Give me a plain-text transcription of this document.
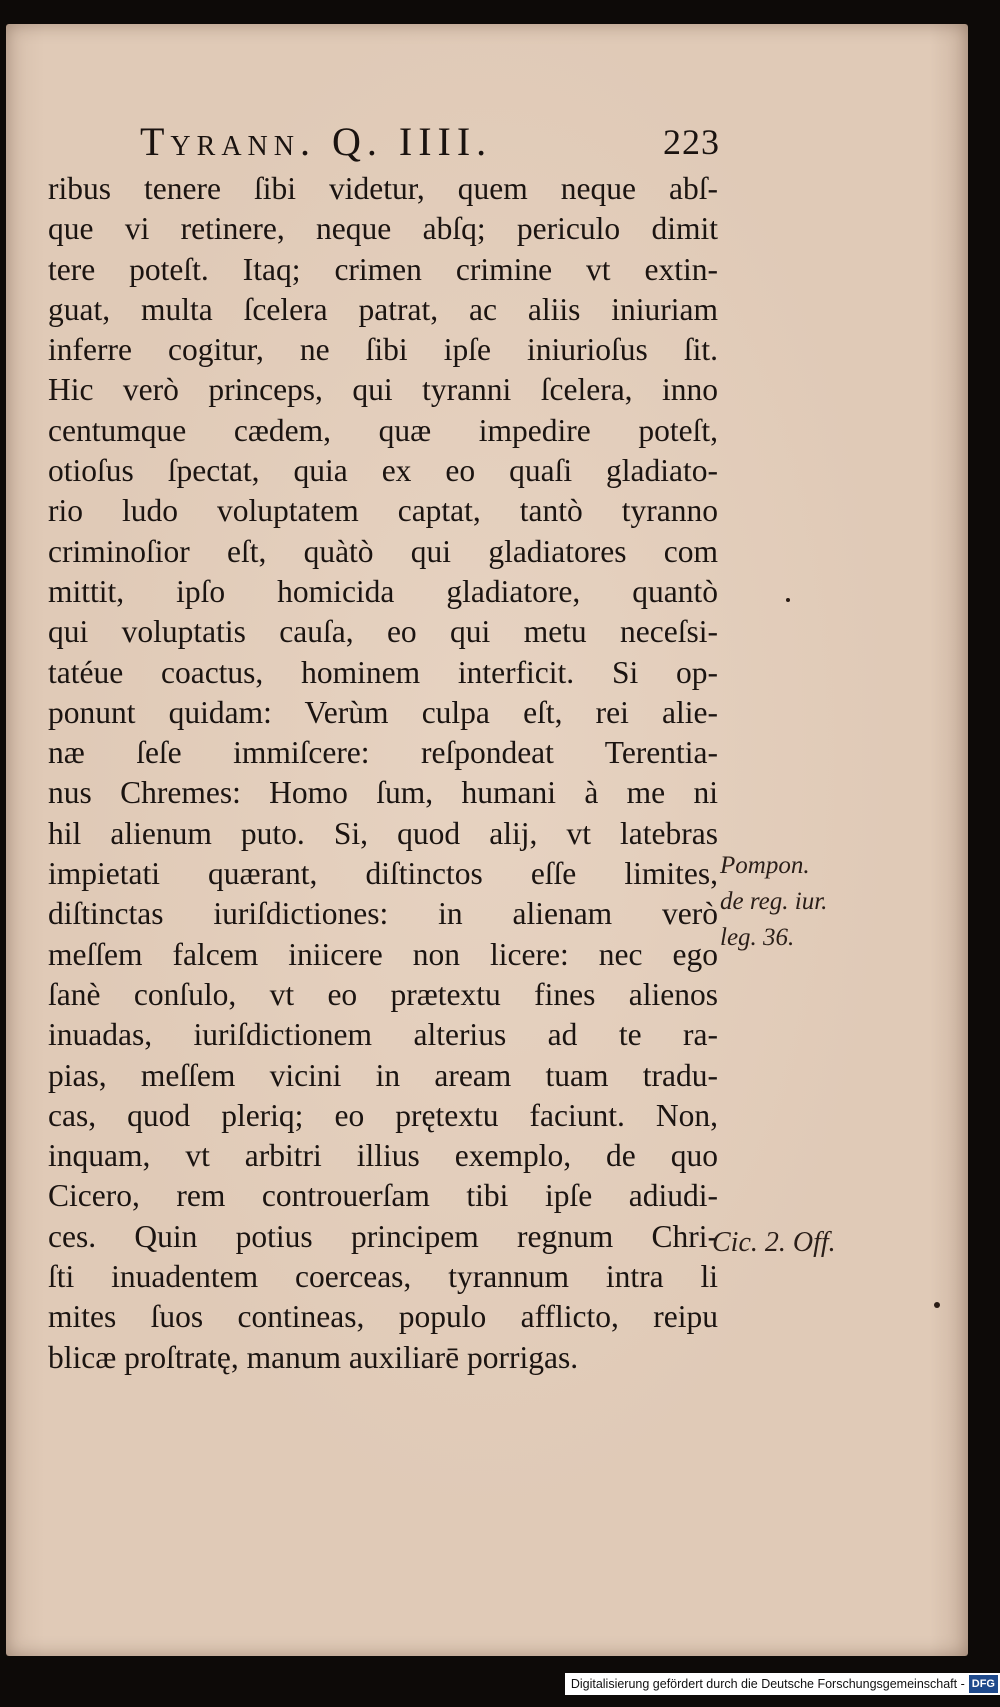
Tyrann. Q. IIII.	223
ribus tenere ſibi videtur, quem neque abſ-
que vi retinere, neque abſq; periculo dimit
tere poteſt. Itaq; crimen crimine vt extin-
guat, multa ſcelera patrat, ac aliis iniuriam
inferre cogitur, ne ſibi ipſe iniurioſus ſit.
Hic verò princeps, qui tyranni ſcelera, inno
centumque cædem, quæ impedire poteſt,
otioſus ſpectat, quia ex eo quaſi gladiato-
rio ludo voluptatem captat, tantò tyranno
criminoſior eſt, quàtò qui gladiatores com
mittit, ipſo homicida gladiatore, quantò
qui voluptatis cauſa, eo qui metu neceſsi-
tatéue coactus, hominem interficit. Si op-
ponunt quidam: Verùm culpa eſt, rei alie-
næ ſeſe immiſcere: reſpondeat Terentia-
nus Chremes: Homo ſum, humani à me ni
hil alienum puto. Si, quod alij, vt latebras
impietati quærant, diſtinctos eſſe limites,
diſtinctas iuriſdictiones: in alienam verò
meſſem falcem iniicere non licere: nec ego
ſanè conſulo, vt eo prætextu fines alienos
inuadas, iuriſdictionem alterius ad te ra-
pias, meſſem vicini in aream tuam tradu-
cas, quod pleriq; eo prętextu faciunt. Non,
inquam, vt arbitri illius exemplo, de quo
Cicero, rem controuerſam tibi ipſe adiudi-
ces. Quin potius principem regnum Chri-
ſti inuadentem coerceas, tyrannum intra li
mites ſuos contineas, populo afflicto, reipu
blicæ proſtratę, manum auxiliarē porrigas.
Pompon.
de reg. iur.
leg. 36.
Cic. 2. Off.
Digitalisierung gefördert durch die Deutsche Forschungsgemeinschaft - DFG
